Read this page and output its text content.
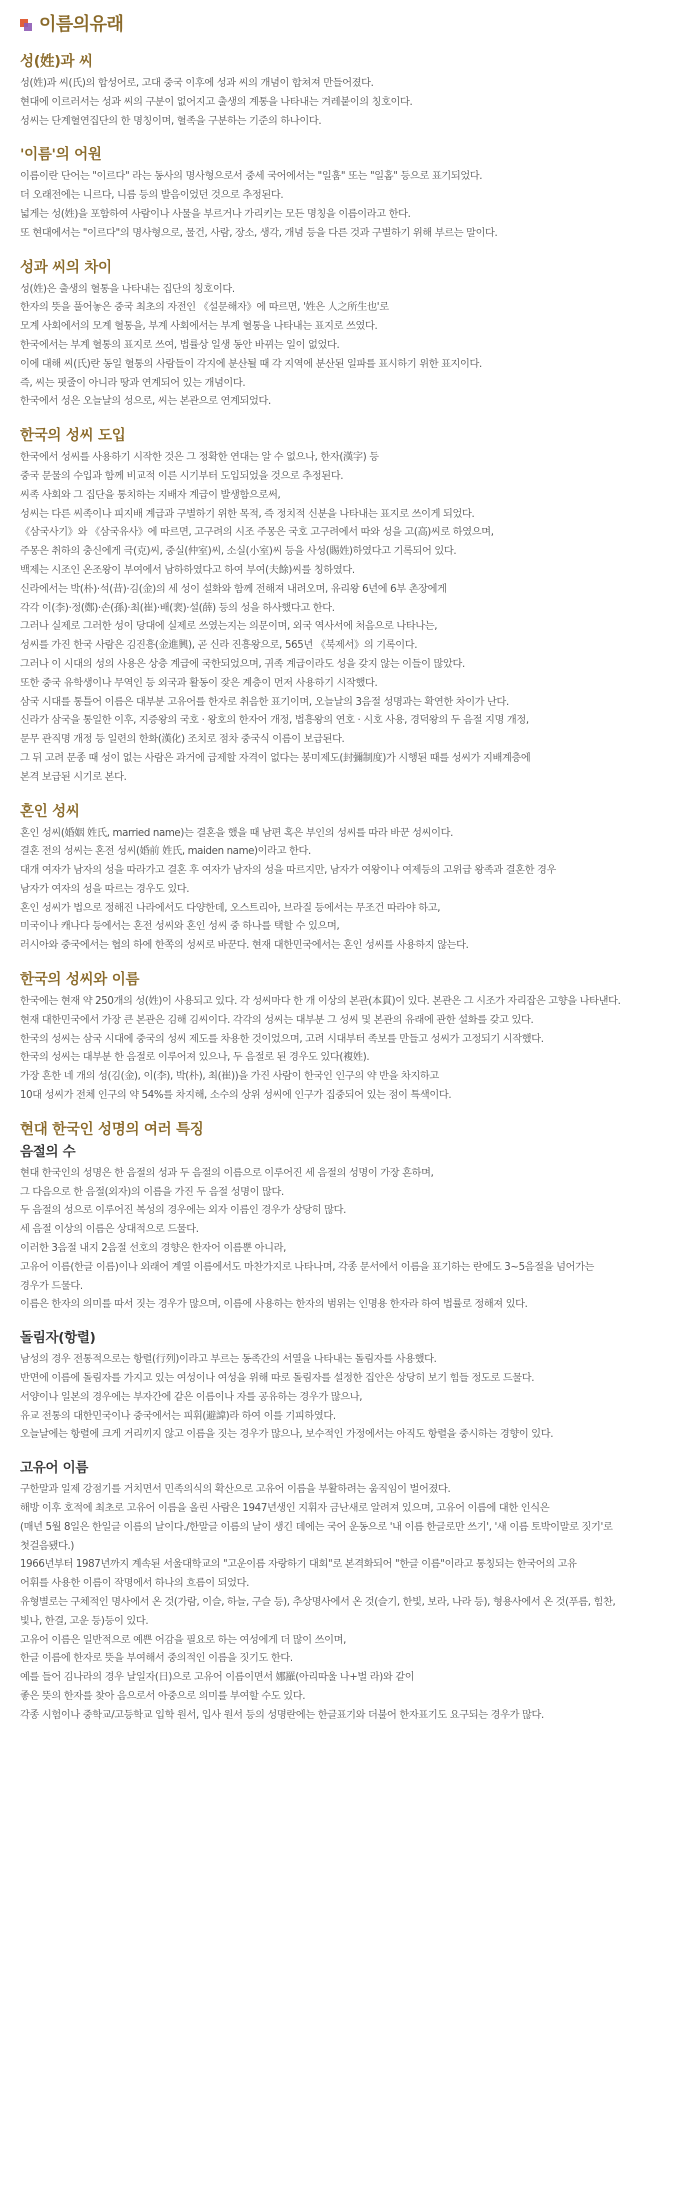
이름의유래
성(姓)과 씨

성(姓)과 씨(氏)의 합성어로, 고대 중국 이후에 성과 씨의 개념이 합쳐져 만들어졌다.

현대에 이르러서는 성과 씨의 구분이 없어지고 출생의 계통을 나타내는 겨레붙이의 칭호이다.

성씨는 단계혈연집단의 한 명칭이며, 혈족을 구분하는 기준의 하나이다.

'이름'의 어원

이름이란 단어는 "이르다" 라는 동사의 명사형으로서 중세 국어에서는 "일훔" 또는 "일홈" 등으로 표기되었다.

더 오래전에는 니르다, 니름 등의 발음이었던 것으로 추정된다.

넓게는 성(姓)을 포함하여 사람이나 사물을 부르거나 가리키는 모든 명칭을 이름이라고 한다.

또 현대에서는 "이르다"의 명사형으로, 물건, 사람, 장소, 생각, 개념 등을 다른 것과 구별하기 위해 부르는 말이다.

성과 씨의 차이

성(姓)은 출생의 혈통을 나타내는 집단의 칭호이다.

한자의 뜻을 풀어놓은 중국 최초의 자전인 《설문해자》에 따르면, '姓은 人之所生也'로

모계 사회에서의 모계 혈통을, 부계 사회에서는 부계 혈통을 나타내는 표지로 쓰였다.

한국에서는 부계 혈통의 표지로 쓰여, 법률상 일생 동안 바뀌는 일이 없었다.

이에 대해 씨(氏)란 동일 혈통의 사람들이 각지에 분산될 때 각 지역에 분산된 일파를 표시하기 위한 표지이다.

즉, 씨는 핏줄이 아니라 땅과 연계되어 있는 개념이다.

한국에서 성은 오늘날의 성으로, 씨는 본관으로 연계되었다.

한국의 성씨 도입

한국에서 성씨를 사용하기 시작한 것은 그 정확한 연대는 알 수 없으나, 한자(漢字) 등

중국 문물의 수입과 함께 비교적 이른 시기부터 도입되었을 것으로 추정된다.

씨족 사회와 그 집단을 통치하는 지배자 계급이 발생함으로써,

성씨는 다른 씨족이나 피지배 계급과 구별하기 위한 목적, 즉 정치적 신분을 나타내는 표지로 쓰이게 되었다.

《삼국사기》와 《삼국유사》에 따르면, 고구려의 시조 주몽은 국호 고구려에서 따와 성을 고(高)씨로 하였으며,

주몽은 취하의 충신에게 극(克)씨, 중실(仲室)씨, 소실(小室)씨 등을 사성(賜姓)하였다고 기록되어 있다.

백제는 시조인 온조왕이 부여에서 남하하였다고 하여 부여(夫餘)씨를 칭하였다.

신라에서는 박(朴)·석(昔)·김(金)의 세 성이 설화와 함께 전해져 내려오며, 유리왕 6년에 6부 촌장에게

각각 이(李)·정(鄭)·손(孫)·최(崔)·배(裵)·설(薛) 등의 성을 하사했다고 한다.

그러나 실제로 그러한 성이 당대에 실제로 쓰였는지는 의문이며, 외국 역사서에 처음으로 나타나는,

성씨를 가진 한국 사람은 김진흥(金進興), 곧 신라 진흥왕으로, 565년 《북제서》의 기록이다.

그러나 이 시대의 성의 사용은 상층 계급에 국한되었으며, 귀족 계급이라도 성을 갖지 않는 이들이 많았다.

또한 중국 유학생이나 무역인 등 외국과 활동이 잦은 계층이 먼저 사용하기 시작했다.

삼국 시대를 통틀어 이름은 대부분 고유어를 한자로 취음한 표기이며, 오늘날의 3음절 성명과는 확연한 차이가 난다.

신라가 삼국을 통일한 이후, 지증왕의 국호 · 왕호의 한자어 개정, 법흥왕의 연호 · 시호 사용, 경덕왕의 두 음절 지명 개정,

문무 관직명 개정 등 일련의 한화(漢化) 조치로 점차 중국식 이름이 보급된다.

그 뒤 고려 문종 때 성이 없는 사람은 과거에 급제할 자격이 없다는 봉미제도(封彌制度)가 시행된 때를 성씨가 지배계층에

본격 보급된 시기로 본다.

혼인 성씨

혼인 성씨(婚姻 姓氏, married name)는 결혼을 했을 때 남편 혹은 부인의 성씨를 따라 바꾼 성씨이다.

결혼 전의 성씨는 혼전 성씨(婚前 姓氏, maiden name)이라고 한다.

대개 여자가 남자의 성을 따라가고 결혼 후 여자가 남자의 성을 따르지만, 남자가 여왕이나 여제등의 고위급 왕족과 결혼한 경우

남자가 여자의 성을 따르는 경우도 있다.

혼인 성씨가 법으로 정해진 나라에서도 다양한데, 오스트리아, 브라질 등에서는 무조건 따라야 하고,

미국이나 캐나다 등에서는 혼전 성씨와 혼인 성씨 중 하나를 택할 수 있으며,

러시아와 중국에서는 협의 하에 한쪽의 성씨로 바꾼다. 현재 대한민국에서는 혼인 성씨를 사용하지 않는다.

한국의 성씨와 이름

한국에는 현재 약 250개의 성(姓)이 사용되고 있다. 각 성씨마다 한 개 이상의 본관(本貫)이 있다. 본관은 그 시조가 자리잡은 고향을 나타낸다.

현재 대한민국에서 가장 큰 본관은 김해 김씨이다. 각각의 성씨는 대부분 그 성씨 및 본관의 유래에 관한 설화를 갖고 있다.

한국의 성씨는 삼국 시대에 중국의 성씨 제도를 차용한 것이었으며, 고려 시대부터 족보를 만들고 성씨가 고정되기 시작했다.

한국의 성씨는 대부분 한 음절로 이루어져 있으나, 두 음절로 된 경우도 있다(複姓).

가장 흔한 네 개의 성(김(金), 이(李), 박(朴), 최(崔))을 가진 사람이 한국인 인구의 약 반을 차지하고

10대 성씨가 전체 인구의 약 54%를 차지해, 소수의 상위 성씨에 인구가 집중되어 있는 점이 특색이다.

현대 한국인 성명의 여러 특징
음절의 수

현대 한국인의 성명은 한 음절의 성과 두 음절의 이름으로 이루어진 세 음절의 성명이 가장 흔하며,

그 다음으로 한 음절(외자)의 이름을 가진 두 음절 성명이 많다.

두 음절의 성으로 이루어진 복성의 경우에는 외자 이름인 경우가 상당히 많다.

세 음절 이상의 이름은 상대적으로 드물다.

이러한 3음절 내지 2음절 선호의 경향은 한자어 이름뿐 아니라,

고유어 이름(한글 이름)이나 외래어 계열 이름에서도 마찬가지로 나타나며, 각종 문서에서 이름을 표기하는 란에도 3~5음절을 넘어가는

경우가 드물다.

이름은 한자의 의미를 따서 짓는 경우가 많으며, 이름에 사용하는 한자의 범위는 인명용 한자라 하여 법률로 정해져 있다.

돌림자(항렬)

남성의 경우 전통적으로는 항렬(行列)이라고 부르는 동족간의 서열을 나타내는 돌림자를 사용했다.

반면에 이름에 돌림자를 가지고 있는 여성이나 여성을 위해 따로 돌림자를 설정한 집안은 상당히 보기 힘들 정도로 드물다.

서양이나 일본의 경우에는 부자간에 같은 이름이나 자를 공유하는 경우가 많으나,

유교 전통의 대한민국이나 중국에서는 피휘(避諱)라 하여 이를 기피하였다.

오늘날에는 항렬에 크게 거리끼지 않고 이름을 짓는 경우가 많으나, 보수적인 가정에서는 아직도 항렬을 중시하는 경향이 있다.

고유어 이름

구한말과 일제 강점기를 거치면서 민족의식의 확산으로 고유어 이름을 부활하려는 움직임이 벌어졌다.

해방 이후 호적에 최초로 고유어 이름을 올린 사람은 1947년생인 지휘자 금난새로 알려져 있으며, 고유어 이름에 대한 인식은

(매년 5월 8일은 한일글 이름의 날이다./한말글 이름의 날이 생긴 데에는 국어 운동으로 '내 이름 한글로만 쓰기', '새 이름 토박이말로 짓기'로

첫걸음됐다.)

1966년부터 1987년까지 계속된 서울대학교의 "고운이름 자랑하기 대회"로 본격화되어 "한글 이름"이라고 통칭되는 한국어의 고유

어휘를 사용한 이름이 작명에서 하나의 흐름이 되었다.

유형별로는 구체적인 명사에서 온 것(가람, 이슬, 하늘, 구슬 등), 추상명사에서 온 것(슬기, 한빛, 보라, 나라 등), 형용사에서 온 것(푸름, 힘찬,

빛나, 한결, 고운 등)등이 있다.

고유어 이름은 일반적으로 예쁜 어감을 필요로 하는 여성에게 더 많이 쓰이며,

한글 이름에 한자로 뜻을 부여해서 중의적인 이름을 짓기도 한다.

예를 들어 김나라의 경우 날일자(日)으로 고유어 이름이면서 娜羅(아리따울 나+벌 라)와 같이

좋은 뜻의 한자를 찾아 음으로서 아중으로 의미를 부여할 수도 있다.

각종 시험이나 중학교/고등학교 입학 원서, 입사 원서 등의 성명란에는 한글표기와 더불어 한자표기도 요구되는 경우가 많다.
